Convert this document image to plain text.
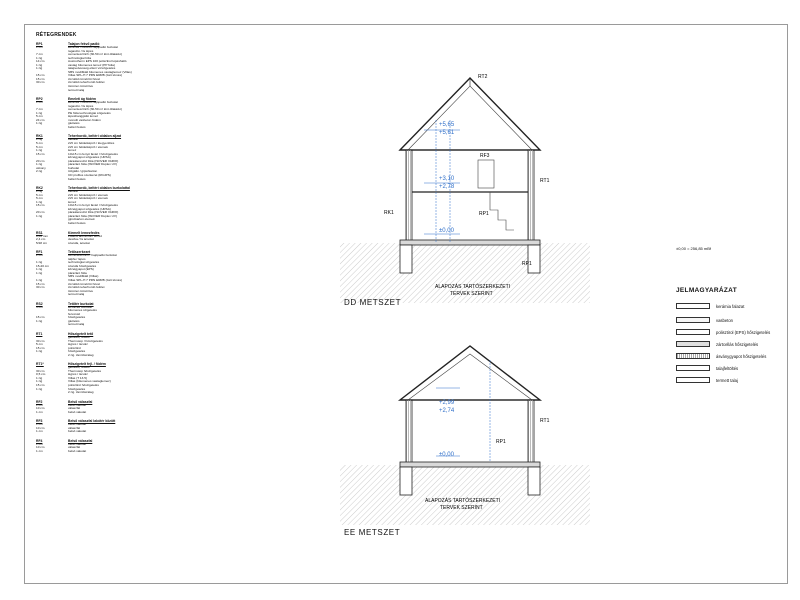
RÉTEGRENDEK
RP1	Talajon fekvő padló
1 cm	kerámia / csiszolt hajópadló burkolat
ragasztó / fa lépés
7 cm	cementesztrich (30-50 m² kint dilatáció)
1 rtg	technológiai fólia
14 cm	Austrotherm EPS 100 polisztirol lépéshalló
1 rtg	vastag bitumenes lemez (PP fólia)
1 rtg	talajnedvesség elleni vízszigetelés
SBS modifikált bitumenes vastaglemez (Villas)
15 cm	Villas SPL-H 7 PRN ERRB (zárt tömés)
15 cm	zúzottkő tömörítő hővel
30 cm	zúzottkő teherhordó felület
tömören tömörítve
termett talaj
RP2	Emeleti ág födém
1 cm	kerámia / csiszolt hajópadló burkolat
ragasztó / fa lépés
7 cm	cementesztrich (30-50 m² kint dilatáció)
1 rtg	PE fólia technológiai szigetelés
5 cm	lépéshanggátló lemez
24 cm	monolit vasbeton födém
1 rtg	glettelés
beltéri festés
RK1	Teherhordó, beltéri oldalon aljzat
1 rtg	vakolat
5 cm	2x5 cm felületképző / kiegyenlítés
5 cm	2x5 cm felületképző / elemek
1 rtg	lemez
15 cm	10x15 cm fenyő faváz / hőszigetelés
kőzetgyapot szigetelés (URSA)
20 cm	páraáteresztő fólia (ISOVER VARIO)
1 rtg	párazáró fólia (ISOVER Duplex UV)
vékony	burkolat
2 rtg	tűzgátló / gipszkarton
CD profilos szerkezet (RIGIPS)
beltéri festés
RK2	Teherhordó, beltéri oldalon burkolattal
1 rtg	vakolat
5 cm	2x5 cm felületképző / elemek
5 cm	2x5 cm felületképző / elemek
1 rtg	lemez
15 cm	10x15 cm fenyő faváz / hőszigetelés
kőzetgyapot szigetelés (URSA)
20 cm	páraáteresztő fólia (ISOVER VARIO)
1 rtg	párazáró fólia (ISOVER Duplex UV)
gipszkarton elemek
beltéri festés
RS1	Kiemelt lemezfedés
0,65 mm	PREFA alumínium lemez
2,4 cm	deszka / fa ácsolat
5/18 cm	szarufa, ácsolat
RF1	Tetőszerkezet
2 cm	cementesztrich / hajópadló burkolat
talpfa / lépés
1 rtg	technológiai szigetelés
15-20 cm	szarufa hőszigetelés
1 rtg	kőzetgyapot (EPS)
1 rtg	párazáró fólia
SBS modifikált (Villas)
1 rtg	Villas SPL-H 7 PRN ERRB (zárt tömés)
15 cm	zúzottkő tömörítő hővel
30 cm	zúzottkő teherhordó felület
tömören tömörítve
termett talaj
RS2	Tetőtér burkolat
5 cm	lécvázas burkolat
bitumenes szigetelés
fa lécváz
15 cm	hőszigetelés
1 rtg	glettelés
termett talaj
RT1	Hőszigetelt tető
glettelés, festés
30 cm	Thermotop / hőszigetelés
5 cm	légrés / lécváz
15 cm	polisztirol
1 rtg	hőszigetelés
2 rtg. tömítőszalag
RT1*	Hőszigetelt fejl. / födém
glettelés, festés
30 cm	Thermotop hőszigetelés
0,5 cm	légrés / lécváz
1 rtg	Villas (T 13.5)
1 rtg	Villas (bitumenes vastaglemez)
15 cm	polisztirol hőszigetelés
1 rtg	hőszigetelés
2 rtg. tömítőszalag
RF2	Belső válaszfal
1 cm	belső vakolat
10 cm	válaszfal
1 cm	belső vakolat
RF3	Belső válaszfal lakótér között
1 cm	belső vakolat
10 cm	válaszfal
1 cm	belső vakolat
RF4	Belső válaszfal
1 cm	belső vakolat
10 cm	válaszfal
1 cm	belső vakolat
+5,65
+5,61
+3,10
+2,78
±0,00
RT2
RF3
RK1	RP1
RP1
RT1
ALAPOZÁS TARTÓSZERKEZETI
TERVEK SZERINT
DD METSZET
+2,99
+2,74
±0,00
RP1
RT1
ALAPOZÁS TARTÓSZERKEZETI
TERVEK SZERINT
EE METSZET
±0,00 = 256,85 mBf
JELMAGYARÁZAT
kerámia falazat
vasbeton
polisztirol (EPS) hőszigetelés
zártcellás hőszigetelés
ásványgyapot hőszigetelés
talajfeltöltés
termett talaj
